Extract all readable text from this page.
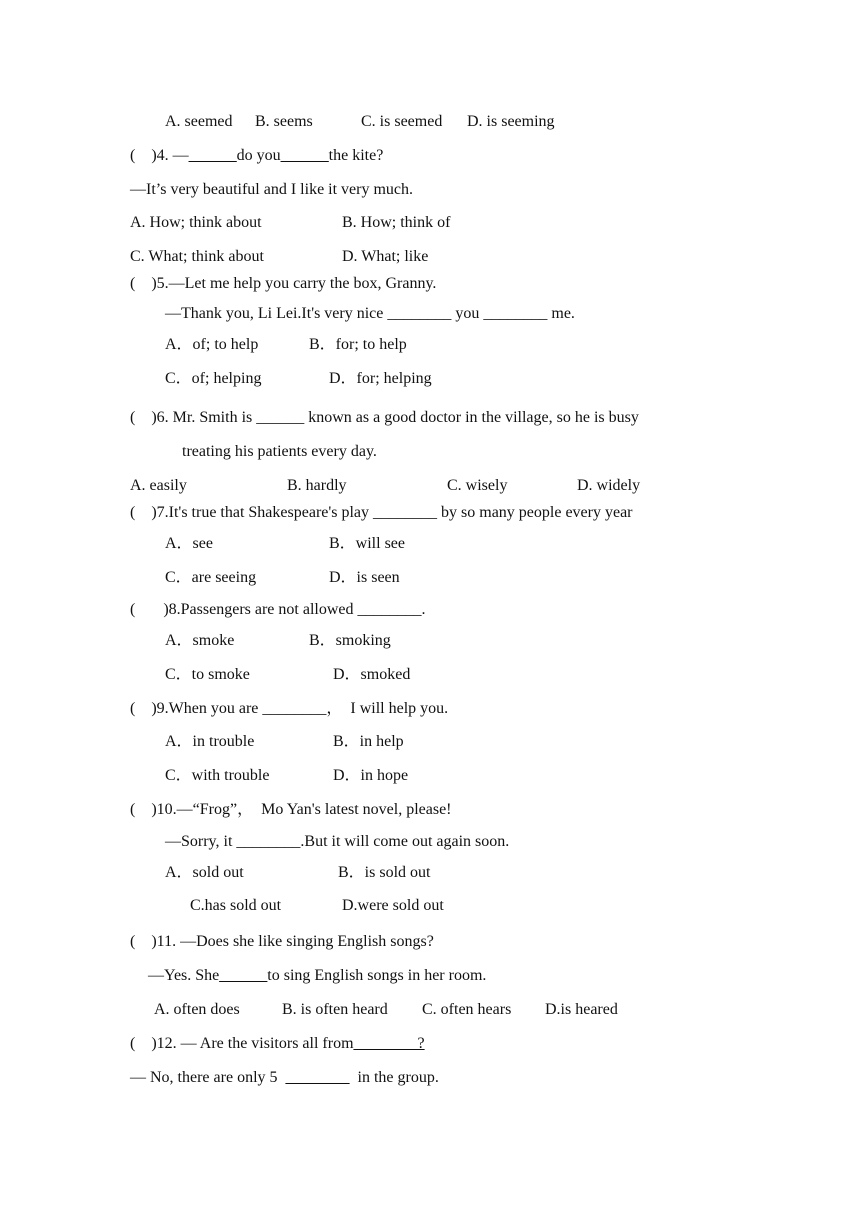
A. seemed B. seems	C. is seemed D. is seeming
(    )4. —______do you______the kite?
—It’s very beautiful and I like it very much.
A. How; think about	B. How; think of
C. What; think about	D. What; like
(    )5.—Let me help you carry the box, Granny.
—Thank you, Li Lei.It's very nice ________ you ________ me.
A．of; to help	B．for; to help
C．of; helping	D．for; helping
(    )6. Mr. Smith is ______ known as a good doctor in the village, so he is busy
treating his patients every day.
A. easily	B. hardly	C. wisely	D. widely
(    )7.It's true that Shakespeare's play ________ by so many people every year
A．see	B．will see
C．are seeing	D．is seen
(       )8.Passengers are not allowed ________.
A．smoke	B．smoking
C．to smoke	D．smoked
(    )9.When you are ________，  I will help you.
A．in trouble	B．in help
C．with trouble	D．in hope
(    )10.—“Frog”，  Mo Yan's latest novel, please!
—Sorry, it ________.But it will come out again soon.
A．sold out	B．is sold out
C.has sold out	D.were sold out
(    )11. —Does she like singing English songs?
—Yes. She______to sing English songs in her room.
A. often does	B. is often heard C. often hears D.is heared
(    )12. — Are the visitors all from________?
— No, there are only 5  ________  in the group.
